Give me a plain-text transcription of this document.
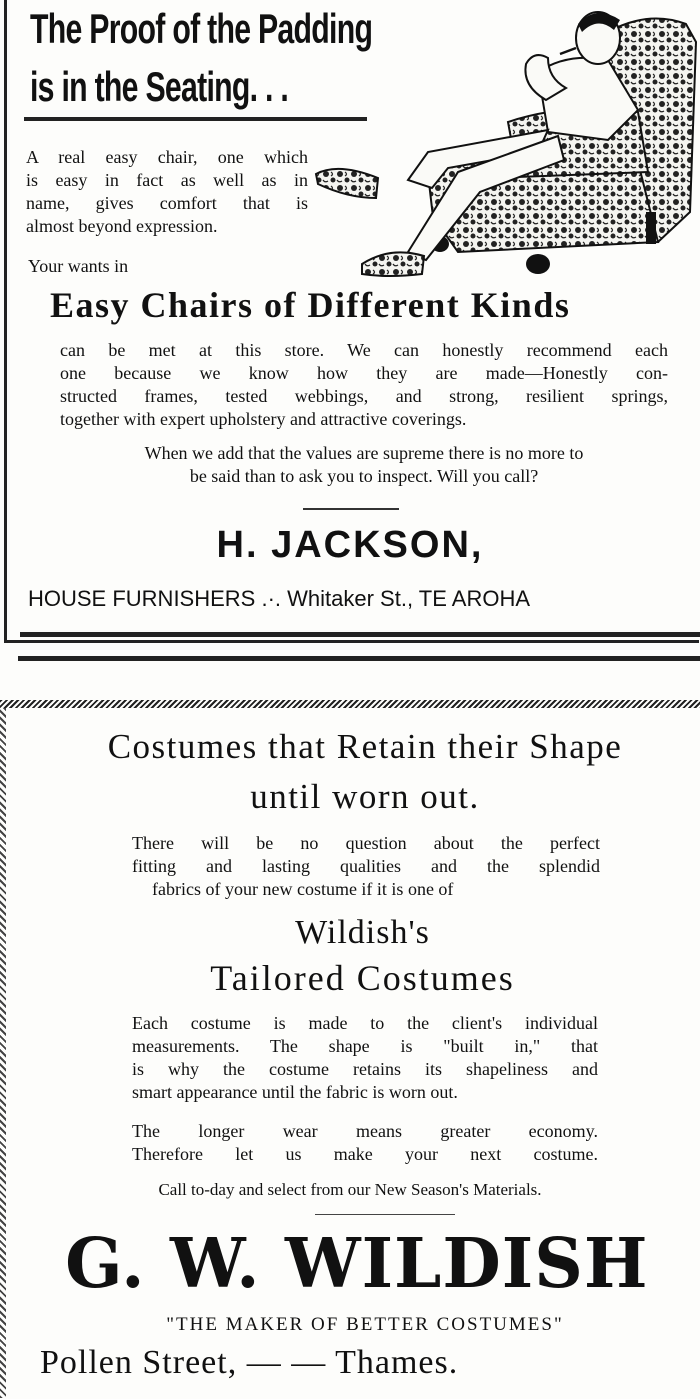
The Proof of the Padding
is in the Seating. . .
A real easy chair, one which
is easy in fact as well as in
name, gives comfort that is
almost beyond expression.
Your wants in
Easy Chairs of Different Kinds
can be met at this store. We can honestly recommend each
one because we know how they are made—Honestly con-
structed frames, tested webbings, and strong, resilient springs,
together with expert upholstery and attractive coverings.
When we add that the values are supreme there is no more to
be said than to ask you to inspect. Will you call?
H. JACKSON,
HOUSE FURNISHERS .·. Whitaker St., TE AROHA
Costumes that Retain their Shape
until worn out.
There will be no question about the perfect
fitting and lasting qualities and the splendid
fabrics of your new costume if it is one of
Wildish's
Tailored Costumes
Each costume is made to the client's individual
measurements. The shape is "built in," that
is why the costume retains its shapeliness and
smart appearance until the fabric is worn out.
The longer wear means greater economy.
Therefore let us make your next costume.
Call to-day and select from our New Season's Materials.
G. W. WILDISH
"THE MAKER OF BETTER COSTUMES"
Pollen Street, — — Thames.
